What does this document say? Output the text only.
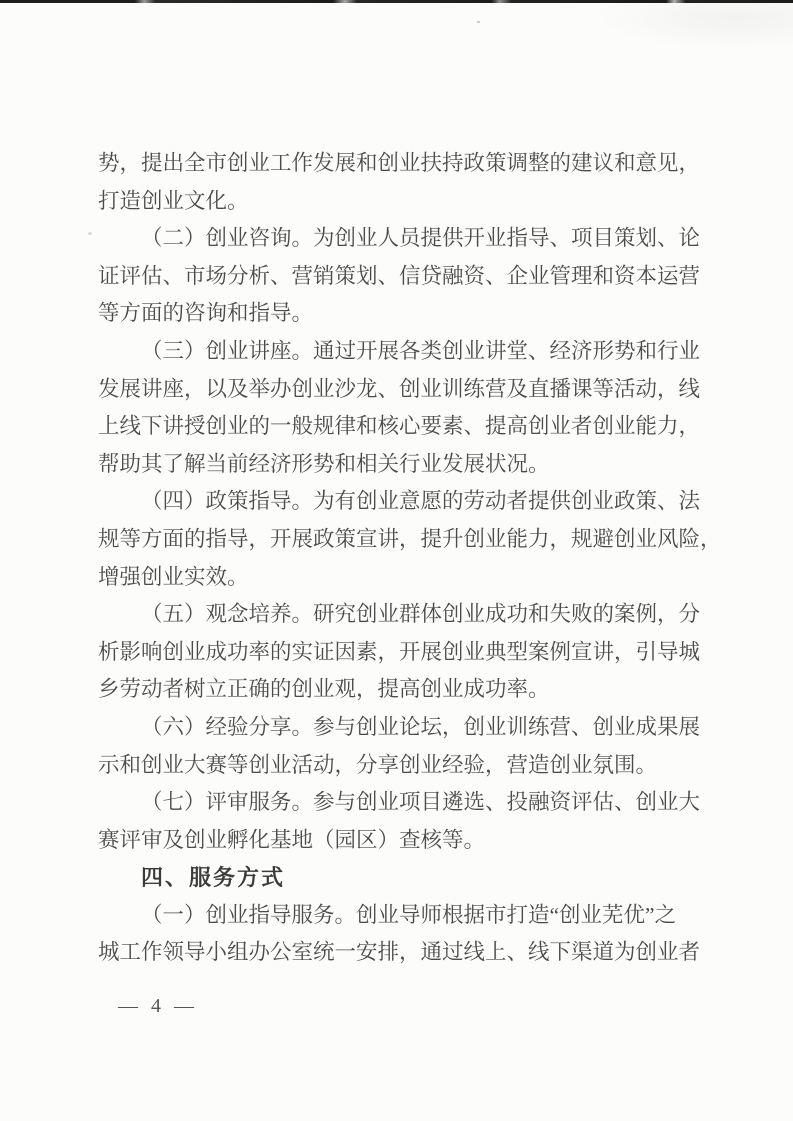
势，提出全市创业工作发展和创业扶持政策调整的建议和意见，
打造创业文化。
（二）创业咨询。为创业人员提供开业指导、项目策划、论
证评估、市场分析、营销策划、信贷融资、企业管理和资本运营
等方面的咨询和指导。
（三）创业讲座。通过开展各类创业讲堂、经济形势和行业
发展讲座，以及举办创业沙龙、创业训练营及直播课等活动，线
上线下讲授创业的一般规律和核心要素、提高创业者创业能力，
帮助其了解当前经济形势和相关行业发展状况。
（四）政策指导。为有创业意愿的劳动者提供创业政策、法
规等方面的指导，开展政策宣讲，提升创业能力，规避创业风险，
增强创业实效。
（五）观念培养。研究创业群体创业成功和失败的案例，分
析影响创业成功率的实证因素，开展创业典型案例宣讲，引导城
乡劳动者树立正确的创业观，提高创业成功率。
（六）经验分享。参与创业论坛，创业训练营、创业成果展
示和创业大赛等创业活动，分享创业经验，营造创业氛围。
（七）评审服务。参与创业项目遴选、投融资评估、创业大
赛评审及创业孵化基地（园区）查核等。
四、服务方式
（一）创业指导服务。创业导师根据市打造“创业芜优”之
城工作领导小组办公室统一安排，通过线上、线下渠道为创业者
— 4 —
